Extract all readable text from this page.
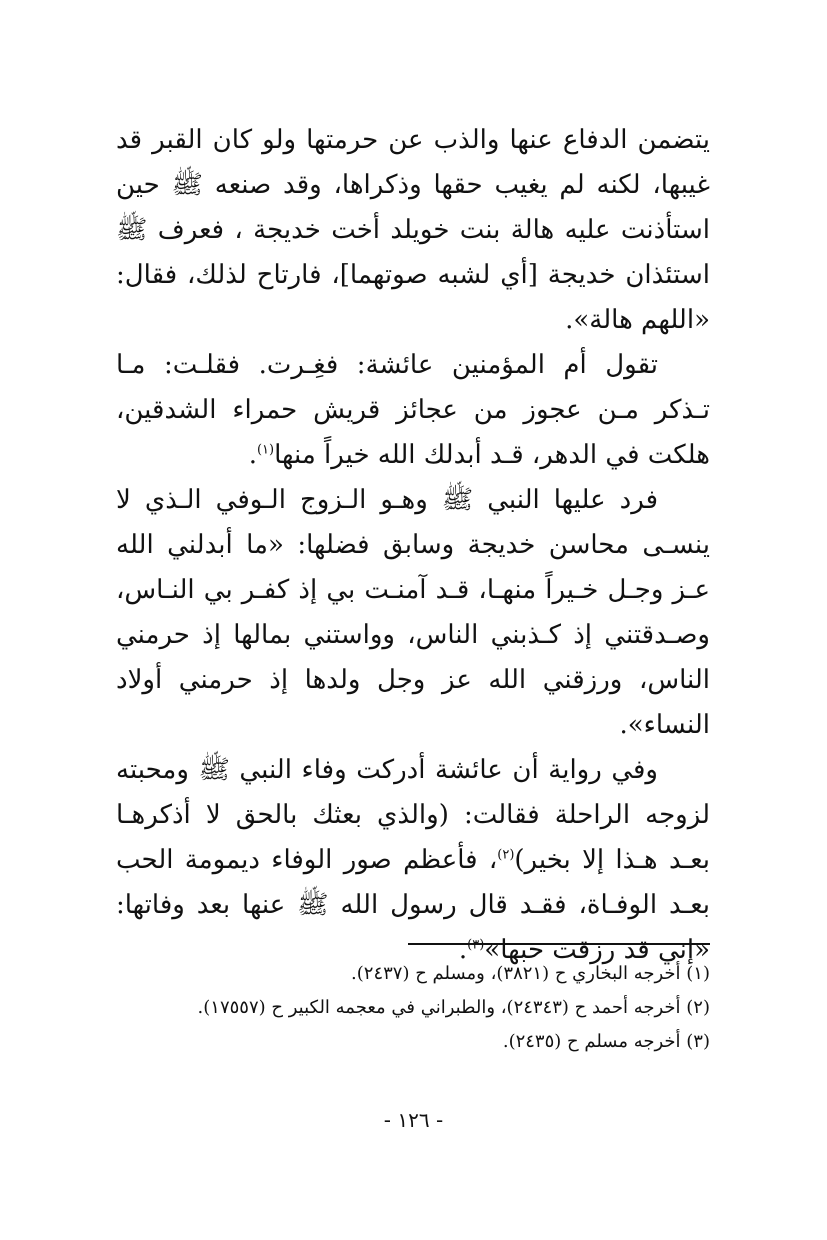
يتضمن الدفاع عنها والذب عن حرمتها ولو كان القبر قد غيبها، لكنه لم يغيب حقها وذكراها، وقد صنعه ﷺ حين استأذنت عليه هالة بنت خويلد أخت خديجة ، فعرف ﷺ استئذان خديجة [أي لشبه صوتهما]، فارتاح لذلك، فقال: «اللهم هالة».

تقول أم المؤمنين عائشة: فغِـرت. فقلـت: مـا تـذكر مـن عجوز من عجائز قريش حمراء الشدقين، هلكت في الدهر، قـد أبدلك الله خيراً منها$^{(١)}$.

فرد عليها النبي ﷺ وهـو الـزوج الـوفي الـذي لا ينسـى محاسن خديجة وسابق فضلها: «ما أبدلني الله عـز وجـل خـيراً منهـا، قـد آمنـت بي إذ كفـر بي النـاس، وصـدقتني إذ كـذبني الناس، وواستني بمالها إذ حرمني الناس، ورزقني الله عز وجل ولدها إذ حرمني أولاد النساء».

وفي رواية أن عائشة أدركت وفاء النبي ﷺ ومحبته لزوجه الراحلة فقالت: (والذي بعثك بالحق لا أذكرهـا بعـد هـذا إلا بخير)$^{(٢)}$، فأعظم صور الوفاء ديمومة الحب بعـد الوفـاة، فقـد قال رسول الله ﷺ عنها بعد وفاتها: «إني قد رزقت حبها»$^{(٣)}$.

(١) أخرجه البخاري ح (٣٨٢١)، ومسلم ح (٢٤٣٧).
(٢) أخرجه أحمد ح (٢٤٣٤٣)، والطبراني في معجمه الكبير ح (١٧٥٥٧).
(٣) أخرجه مسلم ح (٢٤٣٥).
- ١٢٦ -
